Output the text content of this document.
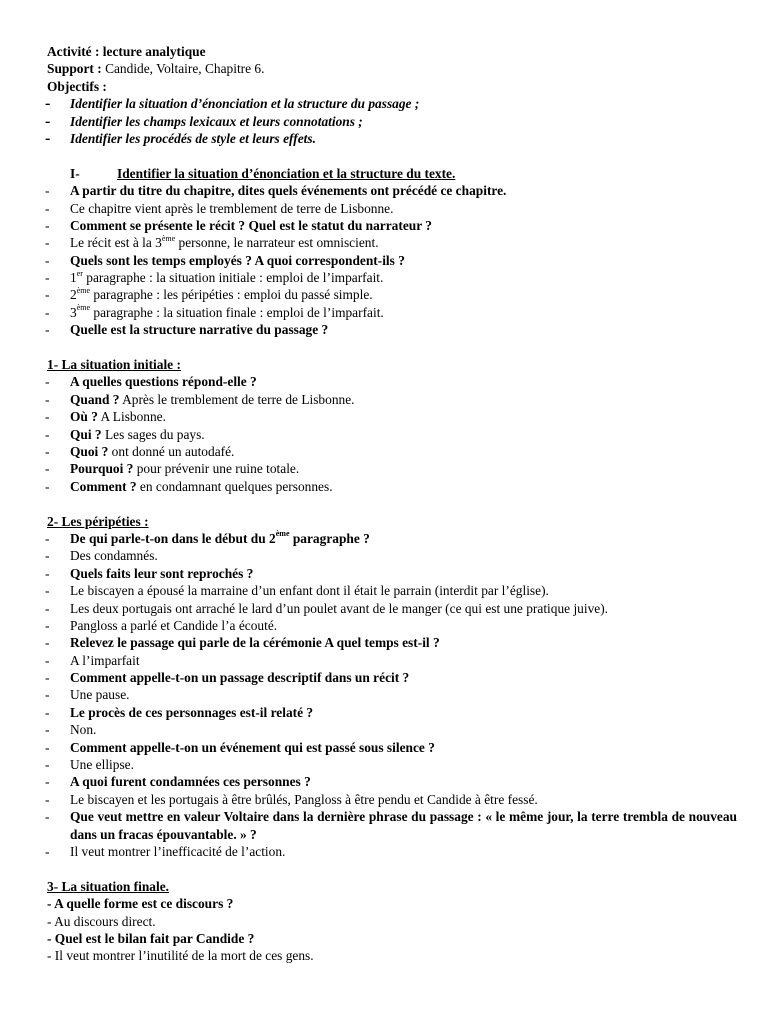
Activité : lecture analytique
Support : Candide, Voltaire, Chapitre 6.
Objectifs :
- Identifier la situation d’énonciation et la structure du passage ;
- Identifier les champs lexicaux et leurs connotations ;
- Identifier les procédés de style et leurs effets.
I-	Identifier la situation d’énonciation et la structure du texte.
- A partir du titre du chapitre, dites quels événements ont précédé ce chapitre.
- Ce chapitre vient après le tremblement de terre de Lisbonne.
- Comment se présente le récit ? Quel est le statut du narrateur ?
- Le récit est à la 3ème personne, le narrateur est omniscient.
- Quels sont les temps employés ? A quoi correspondent-ils ?
- 1er paragraphe : la situation initiale : emploi de l’imparfait.
- 2ème paragraphe : les péripéties : emploi du passé simple.
- 3ème paragraphe : la situation finale : emploi de l’imparfait.
- Quelle est la structure narrative du passage ?
1- La situation initiale :
- A quelles questions répond-elle ?
- Quand ? Après le tremblement de terre de Lisbonne.
- Où ? A Lisbonne.
- Qui ? Les sages du pays.
- Quoi ? ont donné un autodafé.
- Pourquoi ? pour prévenir une ruine totale.
- Comment ? en condamnant quelques personnes.
2- Les péripéties :
- De qui parle-t-on dans le début du 2ème paragraphe ?
- Des condamnés.
- Quels faits leur sont reprochés ?
- Le biscayen a épousé la marraine d’un enfant dont il était le parrain (interdit par l’église).
- Les deux portugais ont arraché le lard d’un poulet avant de le manger (ce qui est une pratique juive).
- Pangloss a parlé et Candide l’a écouté.
- Relevez le passage qui parle de la cérémonie A quel temps est-il ?
- A l’imparfait
- Comment appelle-t-on un passage descriptif dans un récit ?
- Une pause.
- Le procès de ces personnages est-il relaté ?
- Non.
- Comment appelle-t-on un événement qui est passé sous silence ?
- Une ellipse.
- A quoi furent condamnées ces personnes ?
- Le biscayen et les portugais à être brûlés, Pangloss à être pendu et Candide à être fessé.
- Que veut mettre en valeur Voltaire dans la dernière phrase du passage : « le même jour, la terre trembla de nouveau dans un fracas épouvantable. » ?
- Il veut montrer l’inefficacité de l’action.
3- La situation finale.
- A quelle forme est ce discours ?
- Au discours direct.
- Quel est le bilan fait par Candide ?
- Il veut montrer l’inutilité de la mort de ces gens.
